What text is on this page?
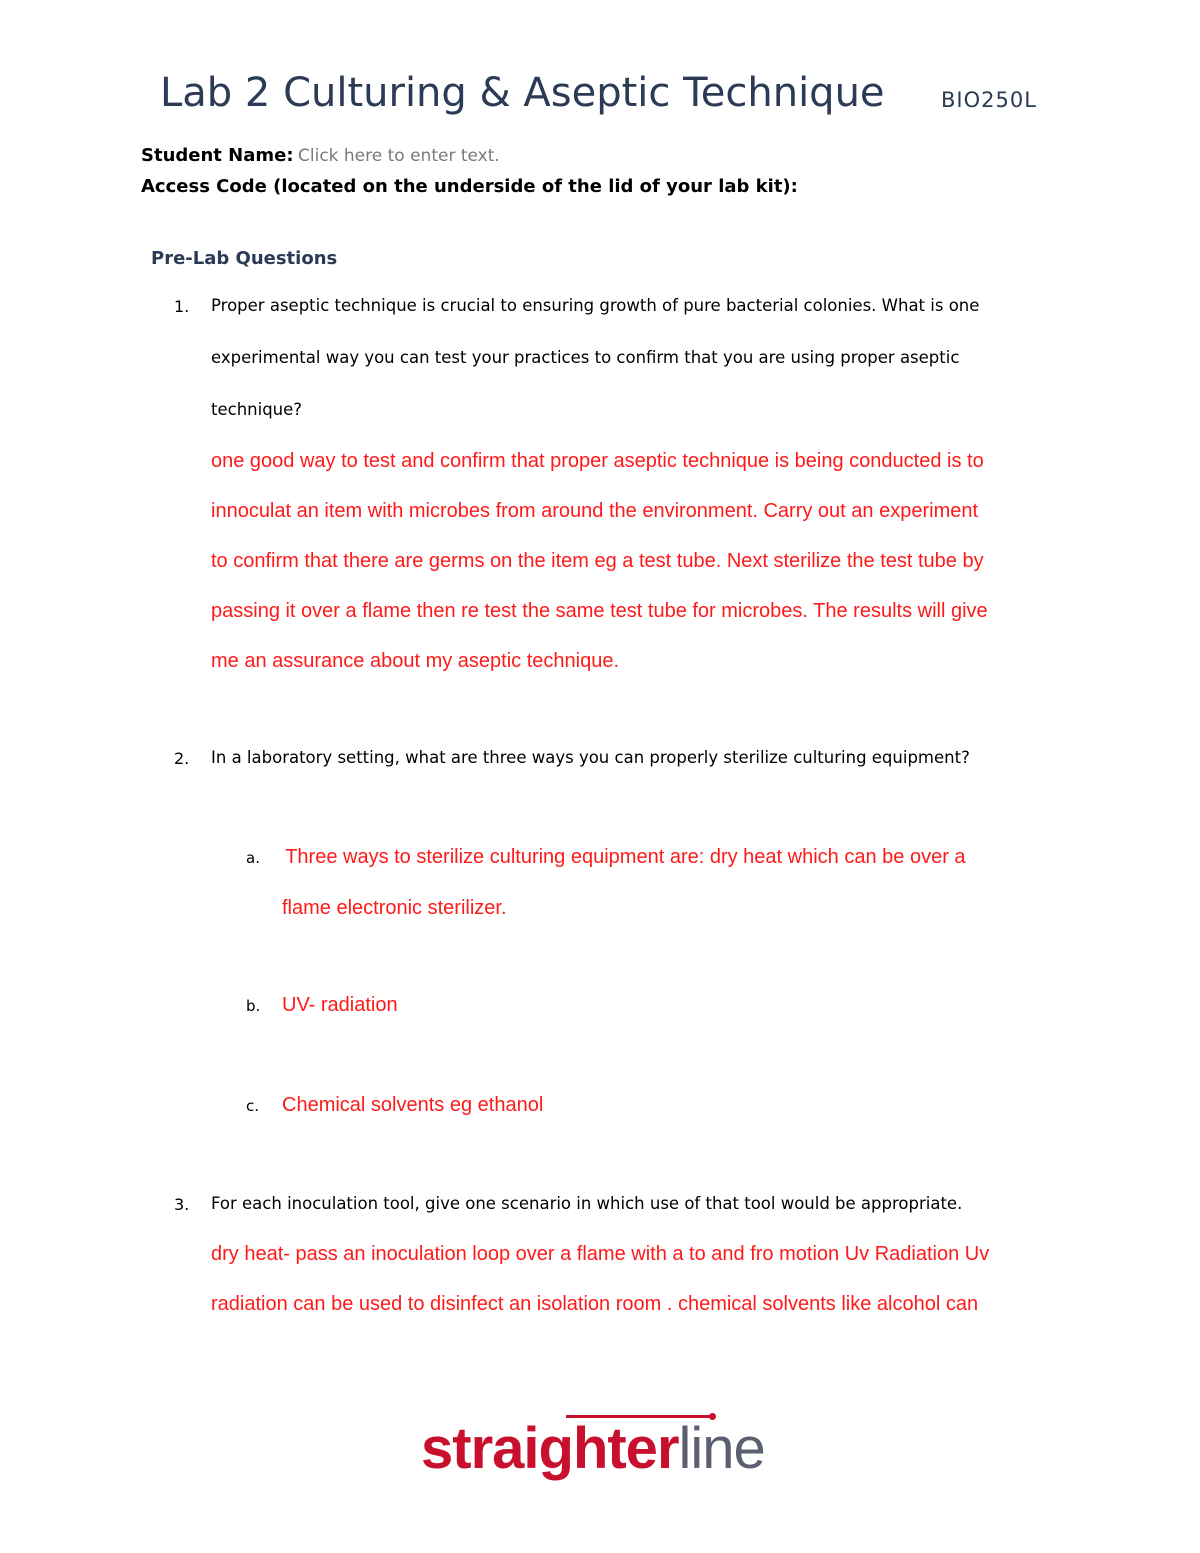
Lab 2 Culturing & Aseptic Technique	BIO250L
Student Name: Click here to enter text.
Access Code (located on the underside of the lid of your lab kit):
Pre-Lab Questions
1. Proper aseptic technique is crucial to ensuring growth of pure bacterial colonies. What is one
experimental way you can test your practices to confirm that you are using proper aseptic
technique?
one good way to test and confirm that proper aseptic technique is being conducted is to
innoculat an item with microbes from around the environment. Carry out an experiment
to confirm that there are germs on the item eg a test tube. Next sterilize the test tube by
passing it over a flame then re test the same test tube for microbes. The results will give
me an assurance about my aseptic technique.
2. In a laboratory setting, what are three ways you can properly sterilize culturing equipment?
a. Three ways to sterilize culturing equipment are: dry heat which can be over a
flame electronic sterilizer.
b. UV- radiation
c. Chemical solvents eg ethanol
3. For each inoculation tool, give one scenario in which use of that tool would be appropriate.
dry heat- pass an inoculation loop over a flame with a to and fro motion Uv Radiation Uv
radiation can be used to disinfect an isolation room . chemical solvents like alcohol can
straighterline
